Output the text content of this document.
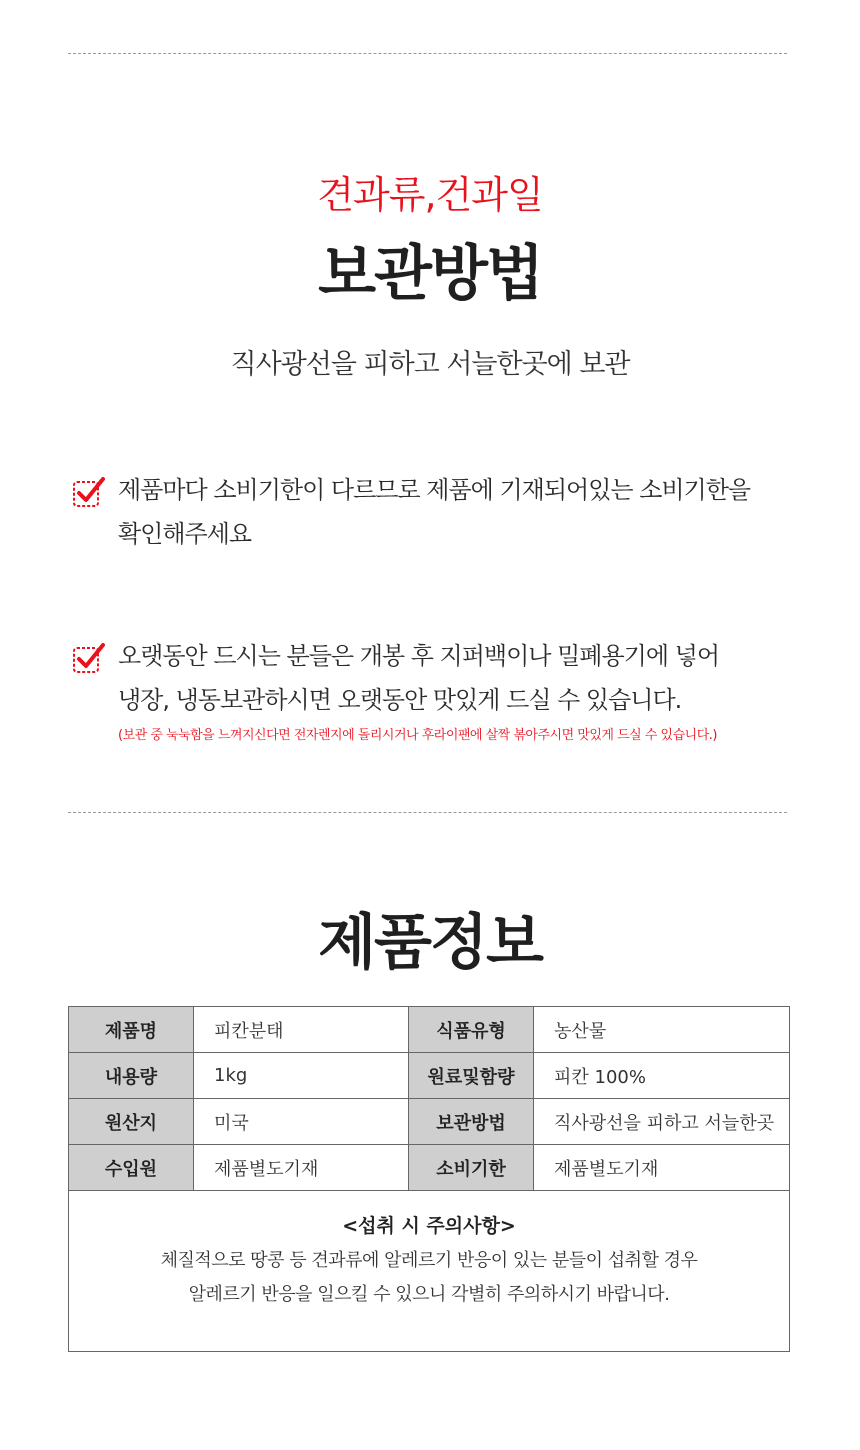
견과류,건과일
보관방법
직사광선을 피하고 서늘한곳에 보관
제품마다 소비기한이 다르므로 제품에 기재되어있는 소비기한을
확인해주세요
오랫동안 드시는 분들은 개봉 후 지퍼백이나 밀폐용기에 넣어
냉장, 냉동보관하시면 오랫동안 맛있게 드실 수 있습니다.
(보관 중 눅눅함을 느껴지신다면 전자렌지에 돌리시거나 후라이팬에 살짝 볶아주시면 맛있게 드실 수 있습니다.)
제품정보
제품명	피칸분태	식품유형	농산물
내용량	1kg	원료및함량	피칸 100%
원산지	미국	보관방법	직사광선을 피하고 서늘한곳
수입원	제품별도기재	소비기한	제품별도기재

<섭취 시 주의사항>
체질적으로 땅콩 등 견과류에 알레르기 반응이 있는 분들이 섭취할 경우
알레르기 반응을 일으킬 수 있으니 각별히 주의하시기 바랍니다.			
